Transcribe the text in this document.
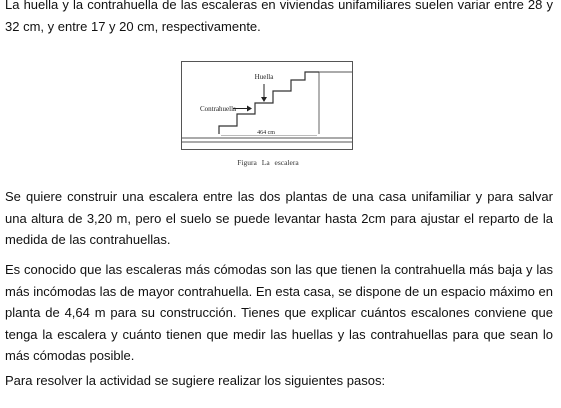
La huella y la contrahuella de las escaleras en viviendas unifamiliares suelen variar entre 28 y 32 cm, y entre 17 y 20 cm, respectivamente.

Huella
Contrahuella
464 cm
Figura La escalera

Se quiere construir una escalera entre las dos plantas de una casa unifamiliar y para salvar una altura de 3,20 m, pero el suelo se puede levantar hasta 2cm para ajustar el reparto de la medida de las contrahuellas.

Es conocido que las escaleras más cómodas son las que tienen la contrahuella más baja y las más incómodas las de mayor contrahuella. En esta casa, se dispone de un espacio máximo en planta de 4,64 m para su construcción. Tienes que explicar cuántos escalones conviene que tenga la escalera y cuánto tienen que medir las huellas y las contrahuellas para que sean lo más cómodas posible.

Para resolver la actividad se sugiere realizar los siguientes pasos:
